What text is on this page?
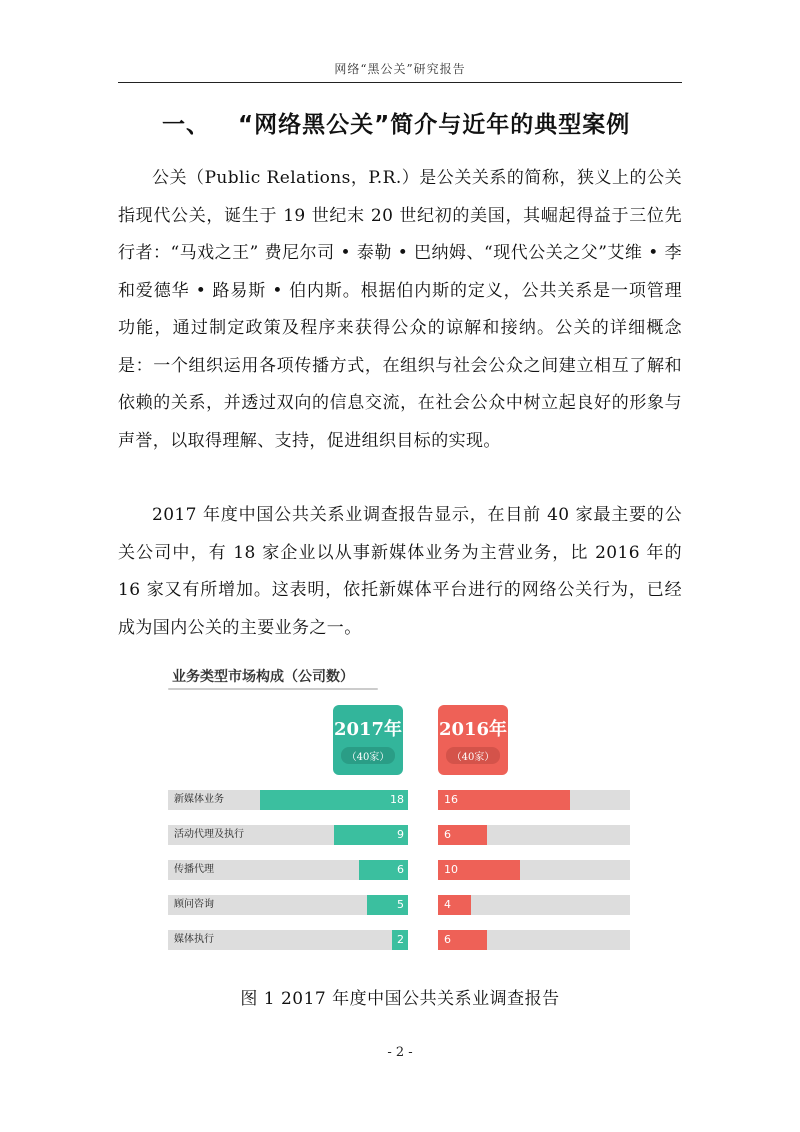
网络“黑公关”研究报告
一、 “网络黑公关”简介与近年的典型案例

公关（Public Relations，P.R.）是公关关系的简称，狭义上的公关指现代公关，诞生于 19 世纪末 20 世纪初的美国，其崛起得益于三位先行者：“马戏之王” 费尼尔司 • 泰勒 • 巴纳姆、“现代公关之父”艾维 • 李和爱德华 • 路易斯 • 伯内斯。根据伯内斯的定义，公共关系是一项管理功能，通过制定政策及程序来获得公众的谅解和接纳。公关的详细概念是：一个组织运用各项传播方式，在组织与社会公众之间建立相互了解和依赖的关系，并透过双向的信息交流，在社会公众中树立起良好的形象与声誉，以取得理解、支持，促进组织目标的实现。

2017 年度中国公共关系业调查报告显示，在目前 40 家最主要的公关公司中，有 18 家企业以从事新媒体业务为主营业务，比 2016 年的 16 家又有所增加。这表明，依托新媒体平台进行的网络公关行为，已经成为国内公关的主要业务之一。

业务类型市场构成（公司数）
2017年
（40家）
2016年
（40家）
新媒体业务	18	16
活动代理及执行	9	6
传播代理	6	10
顾问咨询	5	4
媒体执行	2	6
图 1 2017 年度中国公共关系业调查报告
- 2 -
